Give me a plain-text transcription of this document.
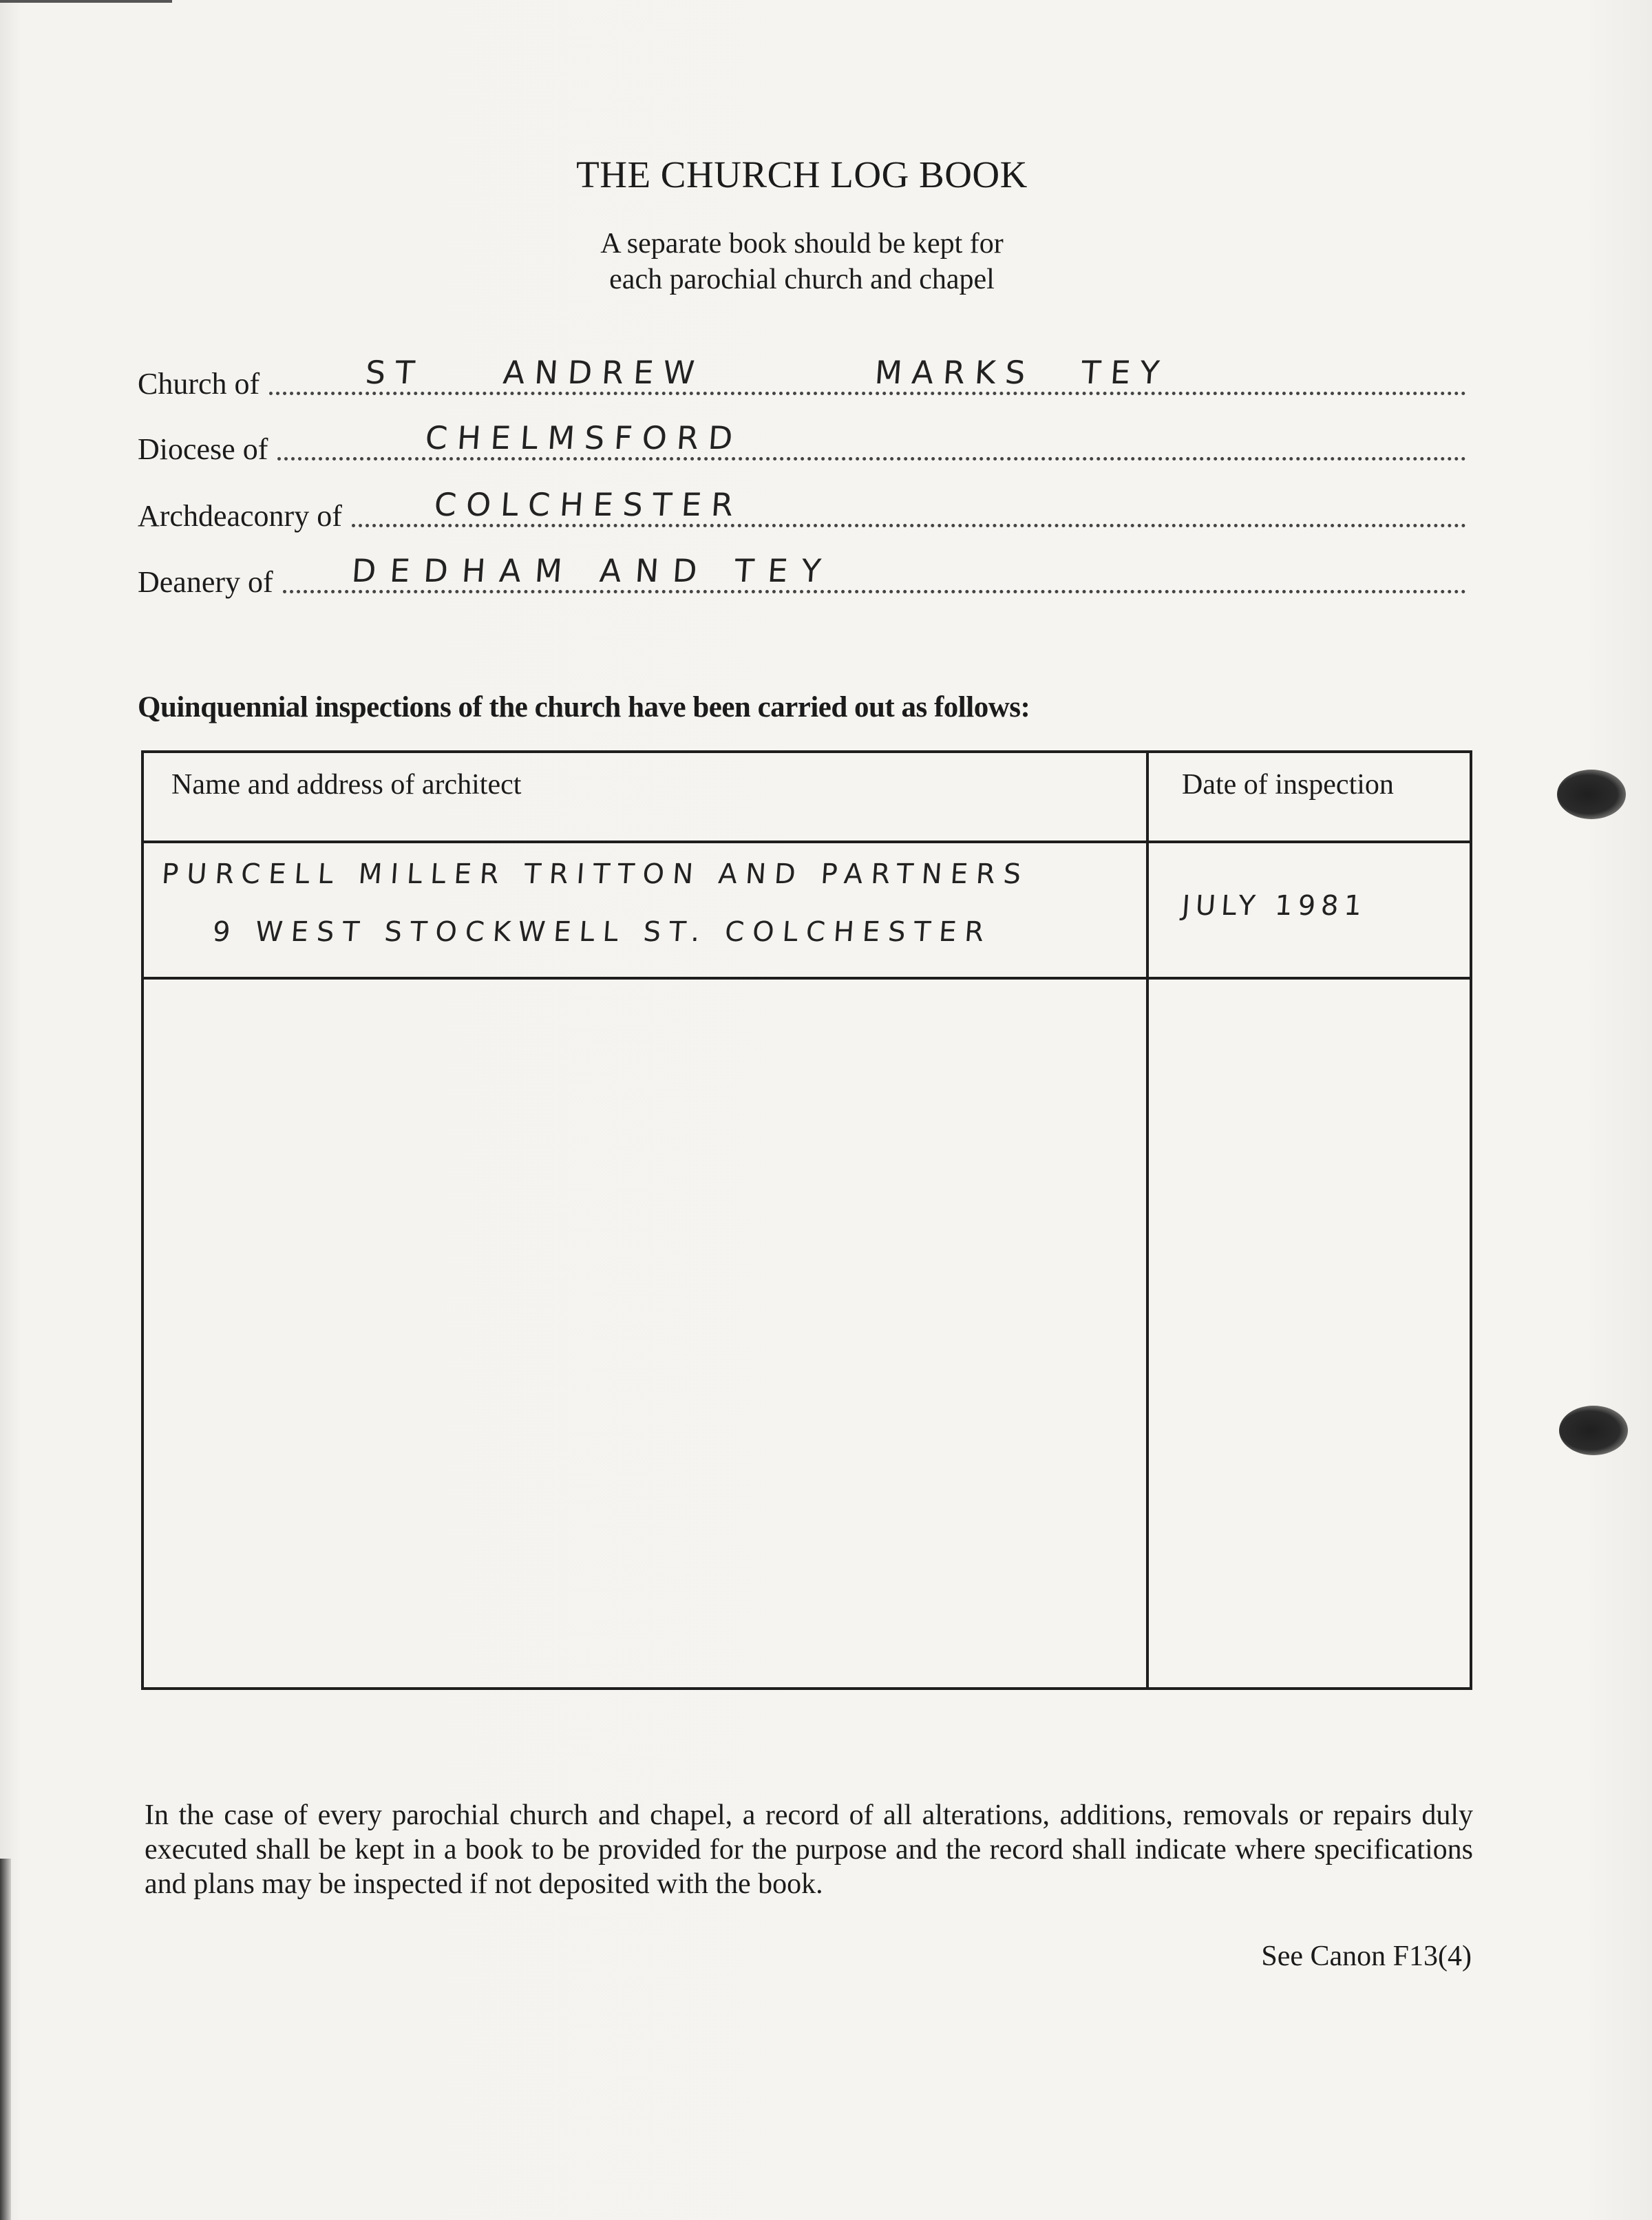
THE CHURCH LOG BOOK
A separate book should be kept for
each parochial church and chapel
Church of	ST ANDREW	MARKS TEY
Diocese of	CHELMSFORD
Archdeaconry of	COLCHESTER
Deanery of	DEDHAM AND TEY
Quinquennial inspections of the church have been carried out as follows:
Name and address of architect	Date of inspection

PURCELL MILLER TRITTON AND PARTNERS
9 WEST STOCKWELL ST. COLCHESTER	JULY 1981

In the case of every parochial church and chapel, a record of all alterations, additions, removals or repairs duly executed shall be kept in a book to be provided for the purpose and the record shall indicate where specifications and plans may be inspected if not deposited with the book.
See Canon F13(4)
